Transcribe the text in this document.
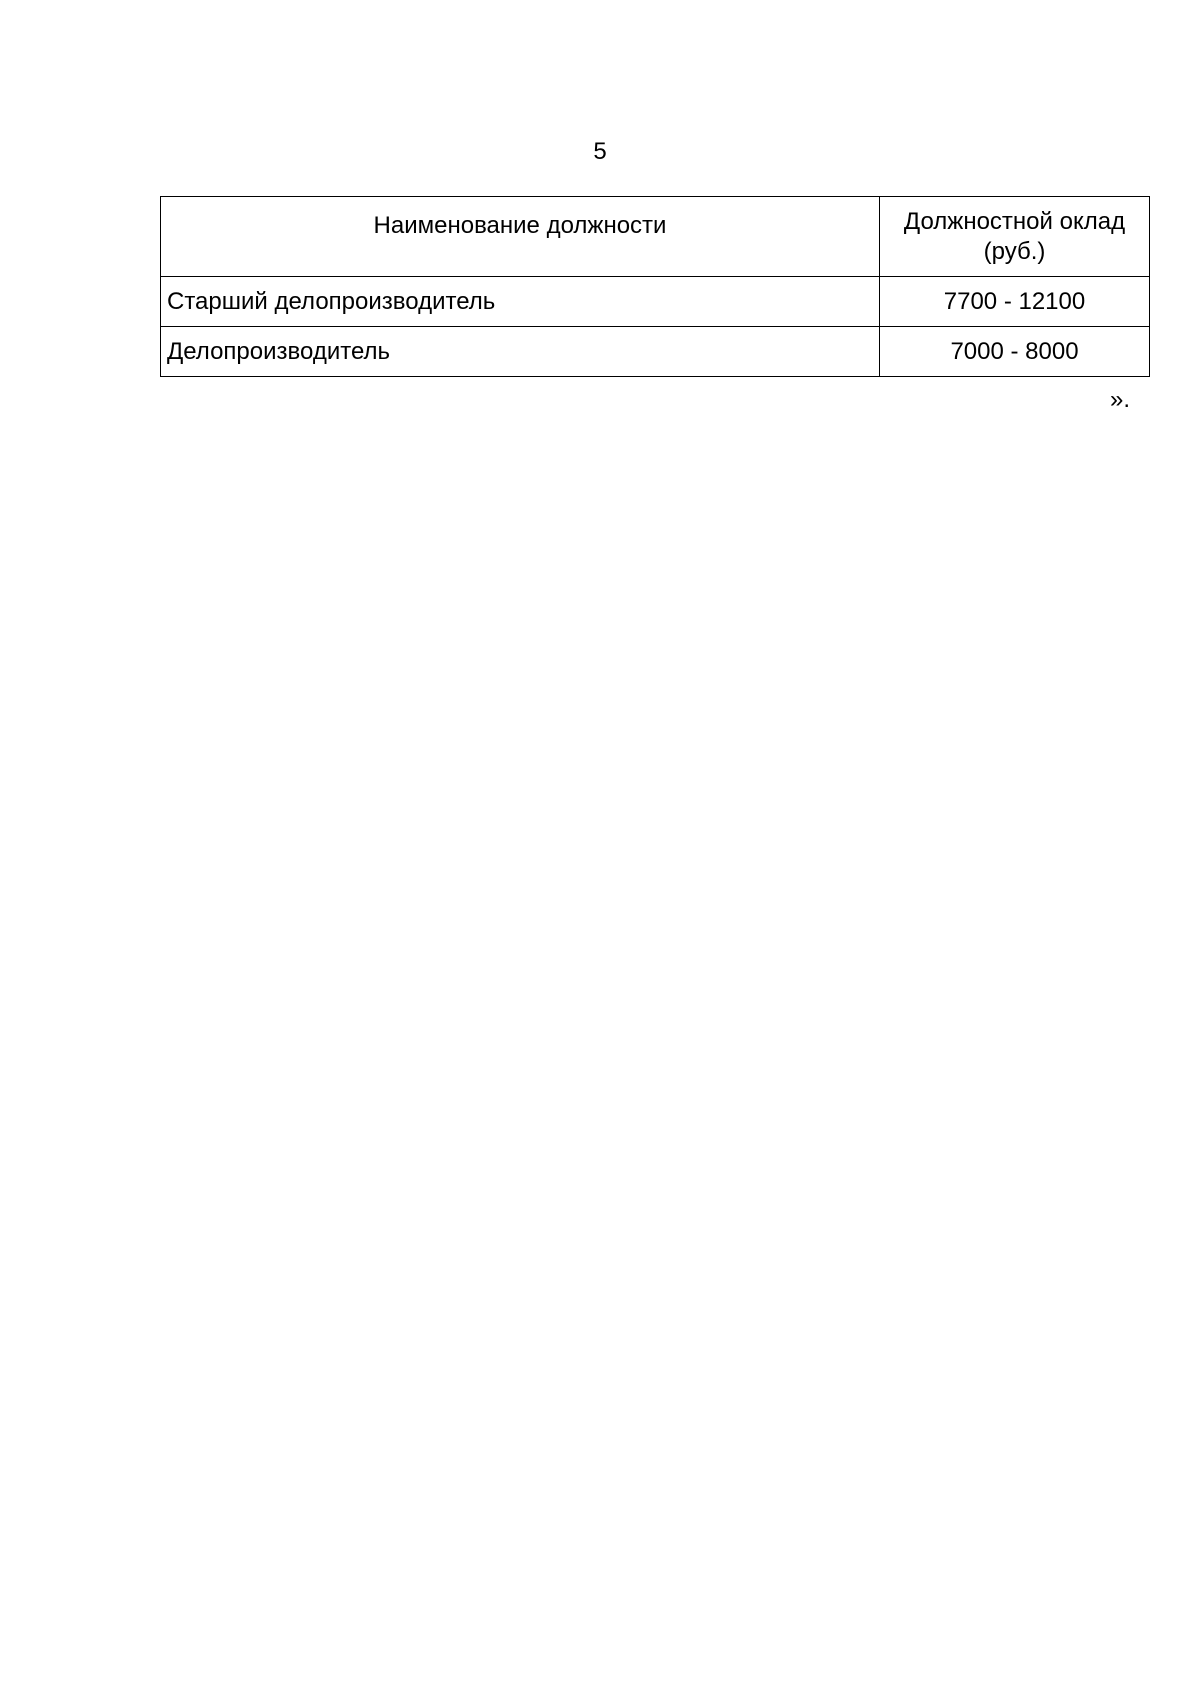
5
Наименование должности	Должностной оклад
(руб.)
Старший делопроизводитель	7700 - 12100
Делопроизводитель	7000 - 8000
».
